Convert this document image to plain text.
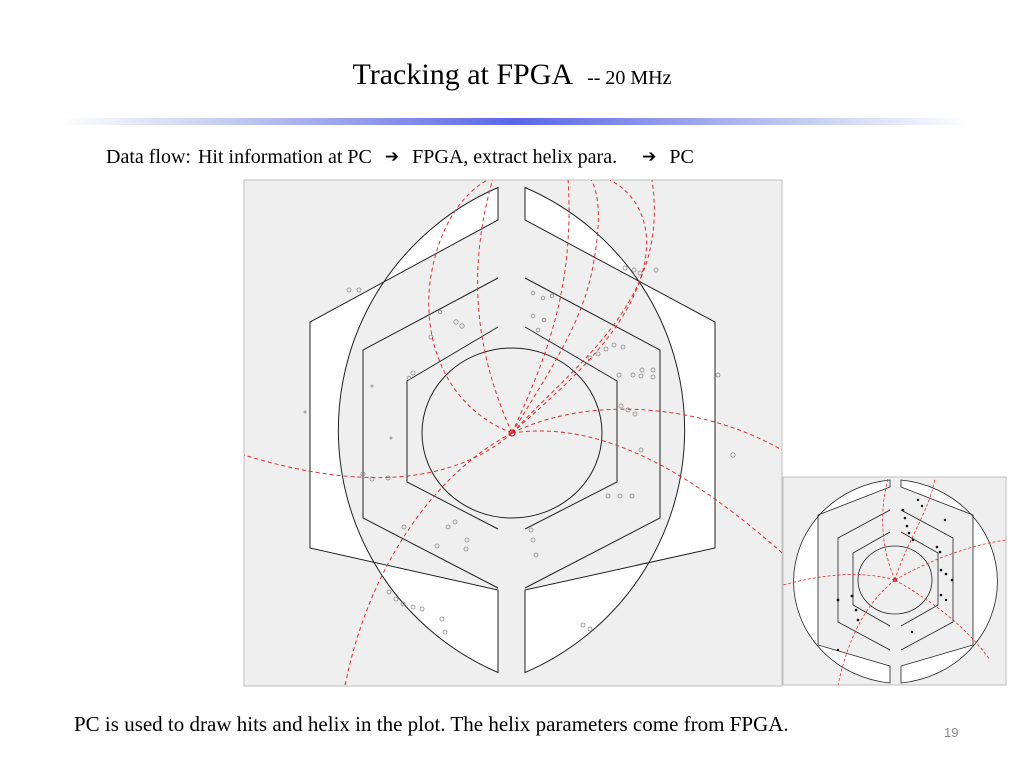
Tracking at FPGA -- 20 MHz
Data flow: Hit information at PC ➔ FPGA, extract helix para. ➔ PC
PC is used to draw hits and helix in the plot. The helix parameters come from FPGA.	19
